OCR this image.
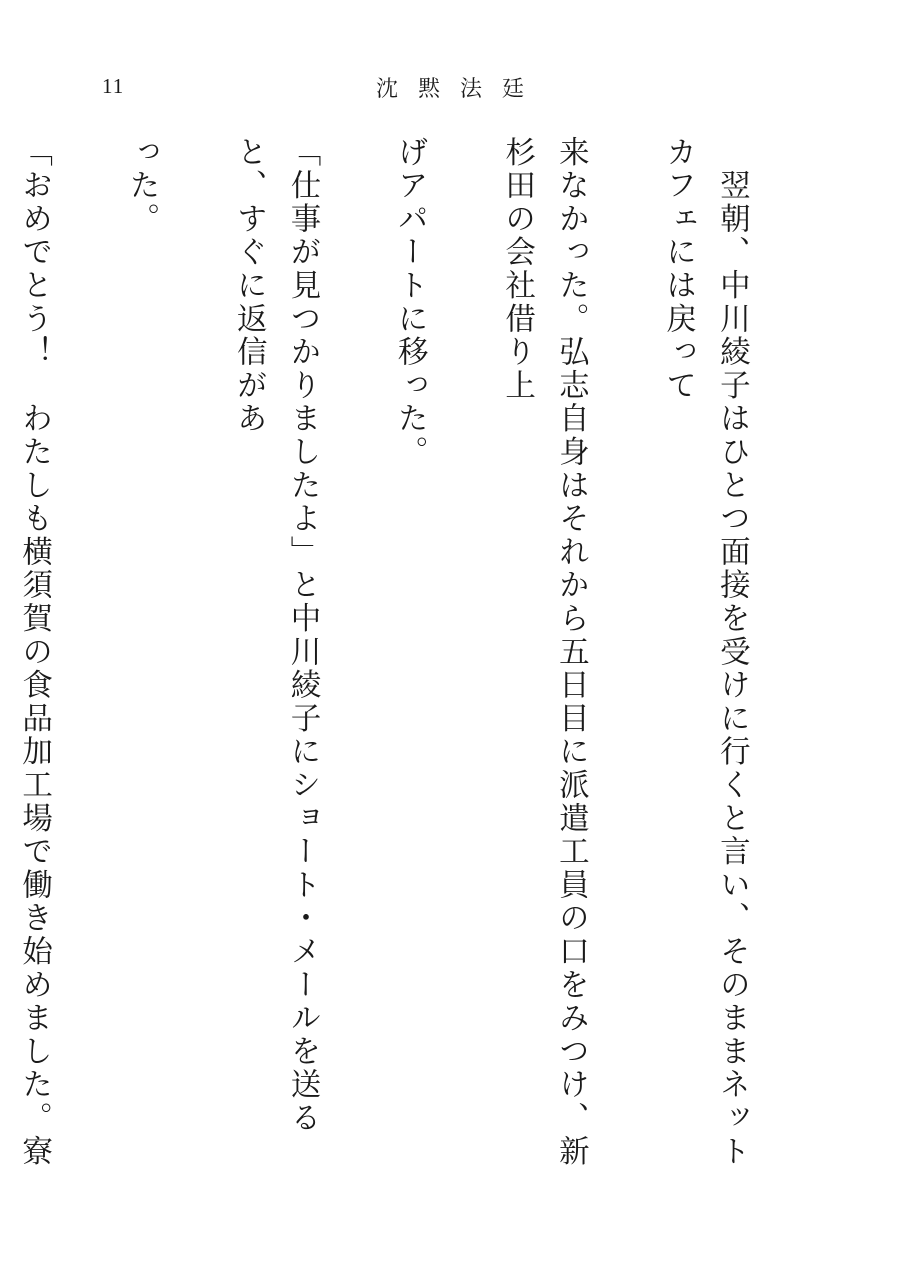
11	沈黙法廷

　翌朝、中川綾子はひとつ面接を受けに行くと言い、そのままネットカフェには戻って

来なかった。弘志自身はそれから五日目に派遣工員の口をみつけ、新杉田の会社借り上

げアパートに移った。

「仕事が見つかりましたよ」と中川綾子にショート・メールを送ると、すぐに返信があ

った。

「おめでとう！　わたしも横須賀の食品加工場で働き始めました。寮
